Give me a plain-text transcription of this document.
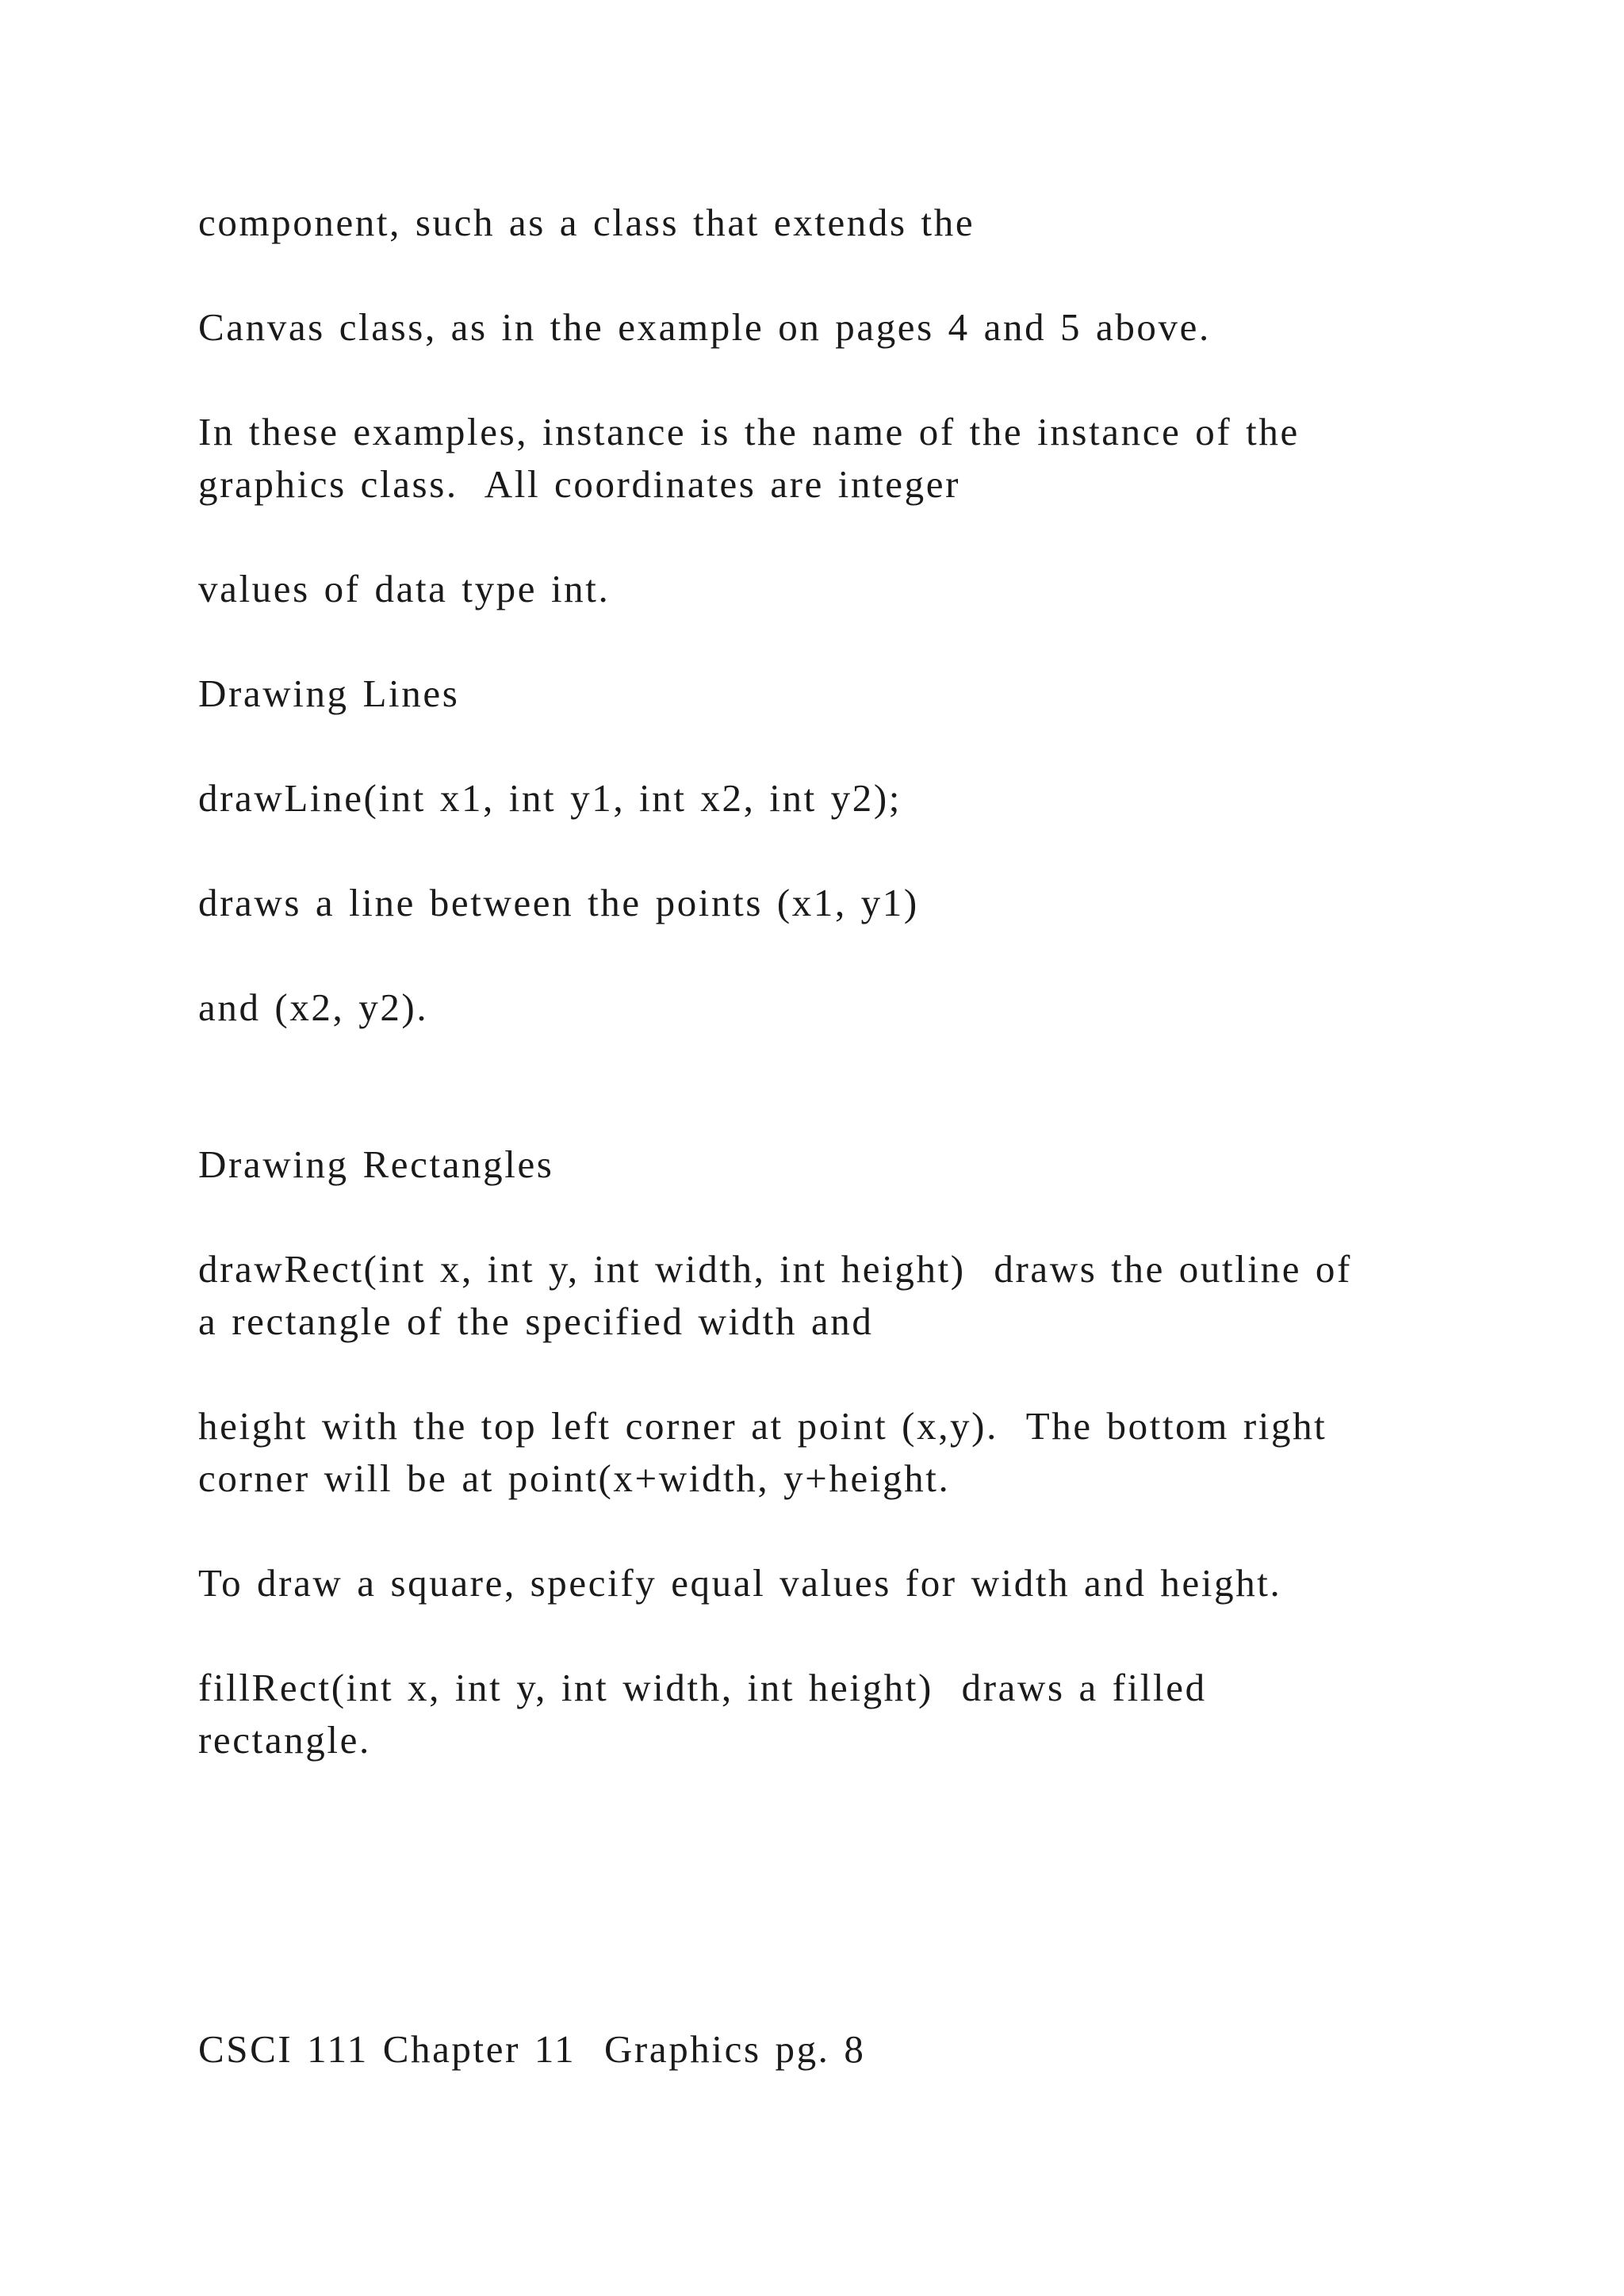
component, such as a class that extends the

Canvas class, as in the example on pages 4 and 5 above.

In these examples, instance is the name of the instance of the

graphics class.  All coordinates are integer

values of data type int.

Drawing Lines

drawLine(int x1, int y1, int x2, int y2);

draws a line between the points (x1, y1)

and (x2, y2).

Drawing Rectangles

drawRect(int x, int y, int width, int height)  draws the outline of

a rectangle of the specified width and

height with the top left corner at point (x,y).  The bottom right

corner will be at point(x+width, y+height.

To draw a square, specify equal values for width and height.

fillRect(int x, int y, int width, int height)  draws a filled

rectangle.

CSCI 111 Chapter 11  Graphics pg. 8
